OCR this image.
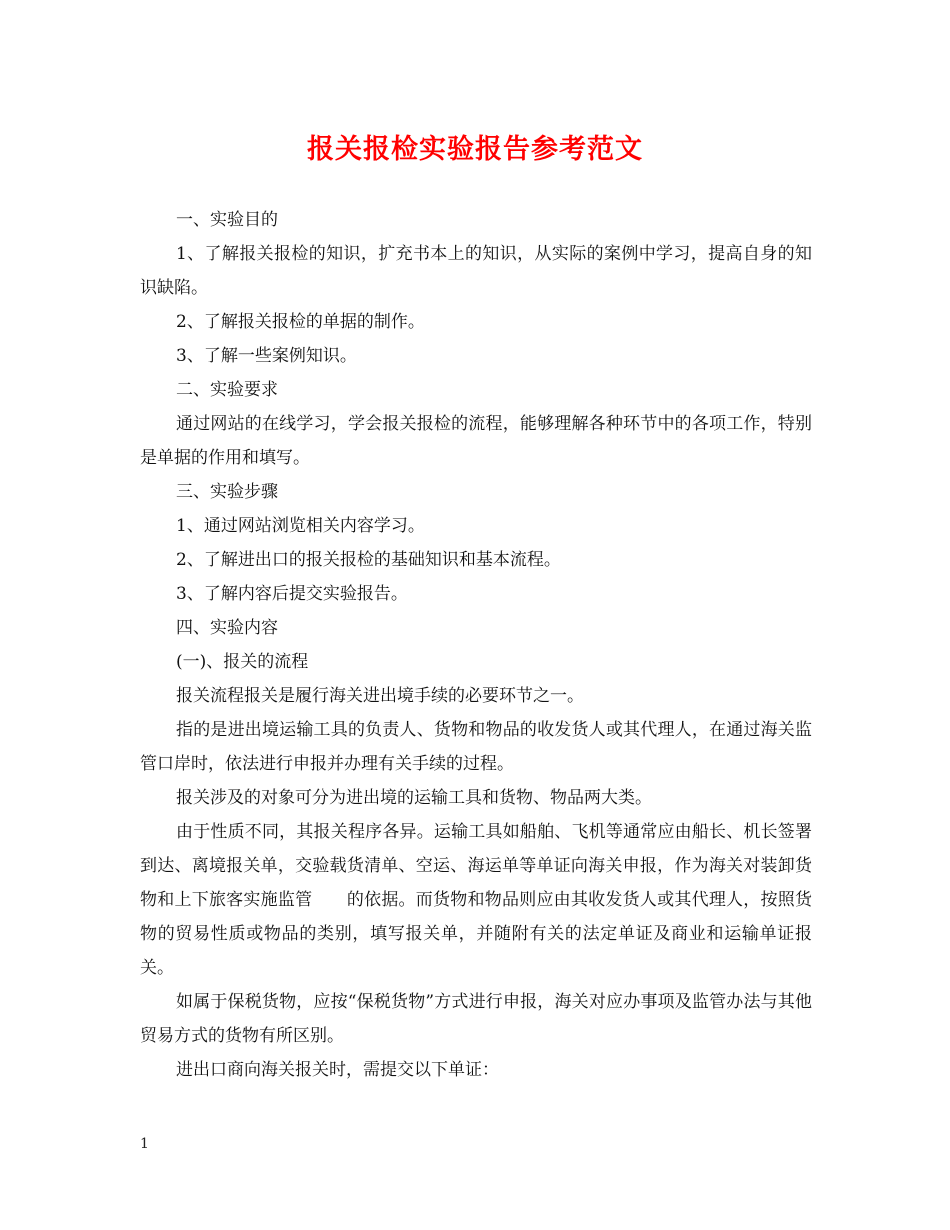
报关报检实验报告参考范文

一、实验目的

1、了解报关报检的知识，扩充书本上的知识，从实际的案例中学习，提高自身的知识缺陷。

2、了解报关报检的单据的制作。

3、了解一些案例知识。

二、实验要求

通过网站的在线学习，学会报关报检的流程，能够理解各种环节中的各项工作，特别是单据的作用和填写。

三、实验步骤

1、通过网站浏览相关内容学习。

2、了解进出口的报关报检的基础知识和基本流程。

3、了解内容后提交实验报告。

四、实验内容

(一)、报关的流程

报关流程报关是履行海关进出境手续的必要环节之一。

指的是进出境运输工具的负责人、货物和物品的收发货人或其代理人，在通过海关监管口岸时，依法进行申报并办理有关手续的过程。

报关涉及的对象可分为进出境的运输工具和货物、物品两大类。

由于性质不同，其报关程序各异。运输工具如船舶、飞机等通常应由船长、机长签署到达、离境报关单，交验载货清单、空运、海运单等单证向海关申报，作为海关对装卸货物和上下旅客实施监管　　的依据。而货物和物品则应由其收发货人或其代理人，按照货物的贸易性质或物品的类别，填写报关单，并随附有关的法定单证及商业和运输单证报关。

如属于保税货物，应按“保税货物”方式进行申报，海关对应办事项及监管办法与其他贸易方式的货物有所区别。

进出口商向海关报关时，需提交以下单证：

1
